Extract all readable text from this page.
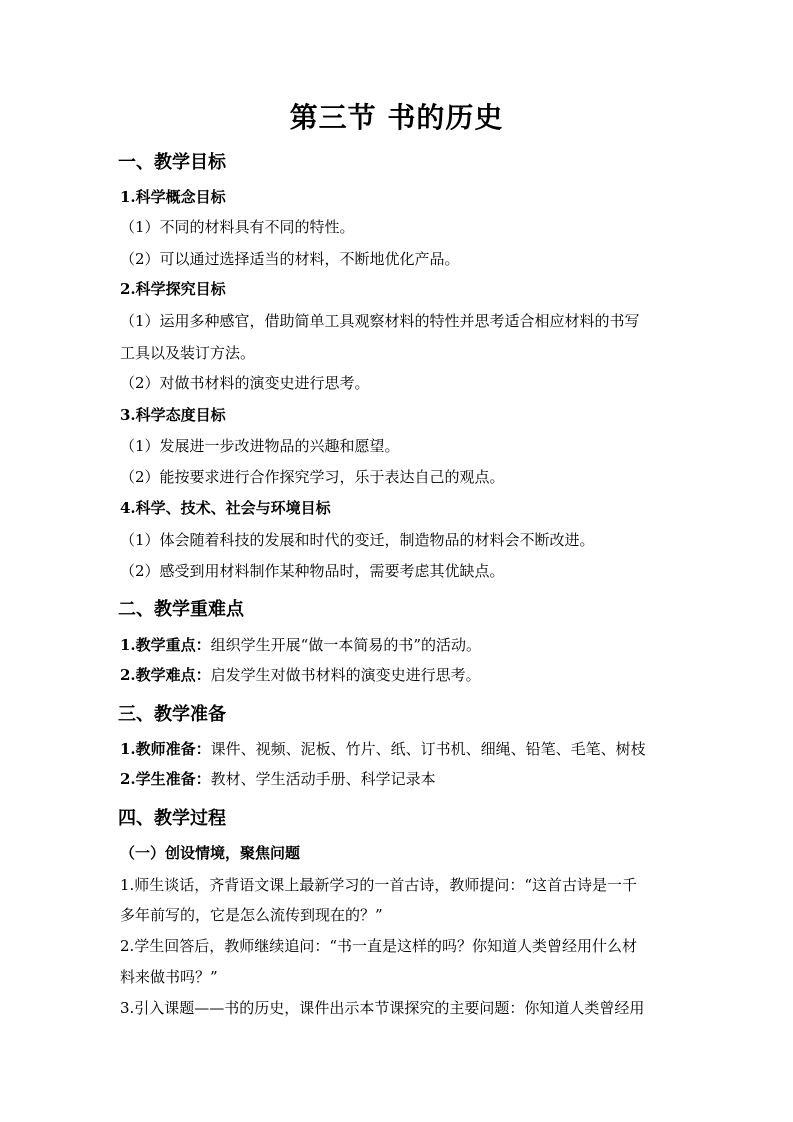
第三节 书的历史
一、教学目标
1.科学概念目标
（1）不同的材料具有不同的特性。
（2）可以通过选择适当的材料，不断地优化产品。
2.科学探究目标
（1）运用多种感官，借助简单工具观察材料的特性并思考适合相应材料的书写
工具以及装订方法。
（2）对做书材料的演变史进行思考。
3.科学态度目标
（1）发展进一步改进物品的兴趣和愿望。
（2）能按要求进行合作探究学习，乐于表达自己的观点。
4.科学、技术、社会与环境目标
（1）体会随着科技的发展和时代的变迁，制造物品的材料会不断改进。
（2）感受到用材料制作某种物品时，需要考虑其优缺点。
二、教学重难点
1.教学重点：组织学生开展“做一本简易的书”的活动。
2.教学难点：启发学生对做书材料的演变史进行思考。
三、教学准备
1.教师准备：课件、视频、泥板、竹片、纸、订书机、细绳、铅笔、毛笔、树枝
2.学生准备：教材、学生活动手册、科学记录本
四、教学过程
（一）创设情境，聚焦问题
1.师生谈话，齐背语文课上最新学习的一首古诗，教师提问：“这首古诗是一千
多年前写的，它是怎么流传到现在的？”
2.学生回答后，教师继续追问：“书一直是这样的吗？你知道人类曾经用什么材
料来做书吗？”
3.引入课题——书的历史，课件出示本节课探究的主要问题：你知道人类曾经用
